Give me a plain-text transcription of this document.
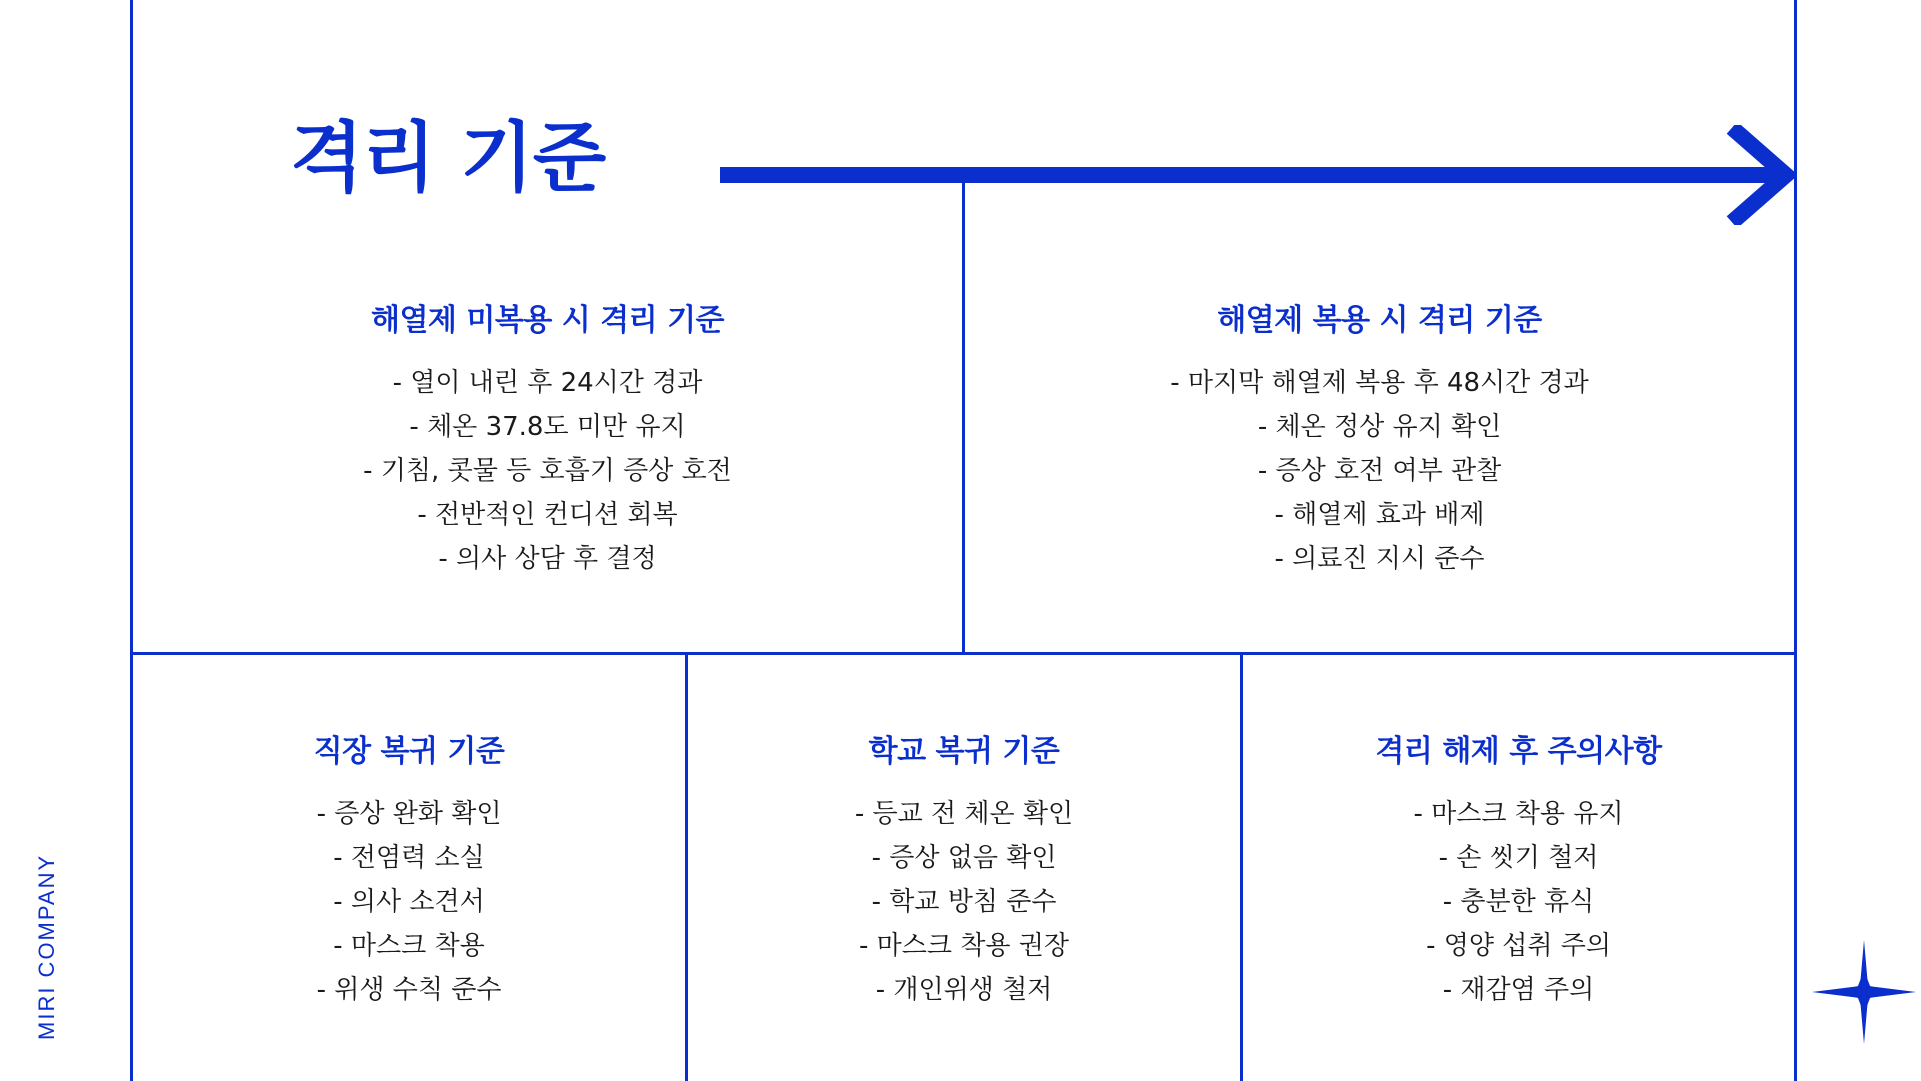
격리 기준
MIRI COMPANY
해열제 미복용 시 격리 기준
- 열이 내린 후 24시간 경과
- 체온 37.8도 미만 유지
- 기침, 콧물 등 호흡기 증상 호전
- 전반적인 컨디션 회복
- 의사 상담 후 결정
해열제 복용 시 격리 기준
- 마지막 해열제 복용 후 48시간 경과
- 체온 정상 유지 확인
- 증상 호전 여부 관찰
- 해열제 효과 배제
- 의료진 지시 준수
직장 복귀 기준
- 증상 완화 확인
- 전염력 소실
- 의사 소견서
- 마스크 착용
- 위생 수칙 준수
학교 복귀 기준
- 등교 전 체온 확인
- 증상 없음 확인
- 학교 방침 준수
- 마스크 착용 권장
- 개인위생 철저
격리 해제 후 주의사항
- 마스크 착용 유지
- 손 씻기 철저
- 충분한 휴식
- 영양 섭취 주의
- 재감염 주의
